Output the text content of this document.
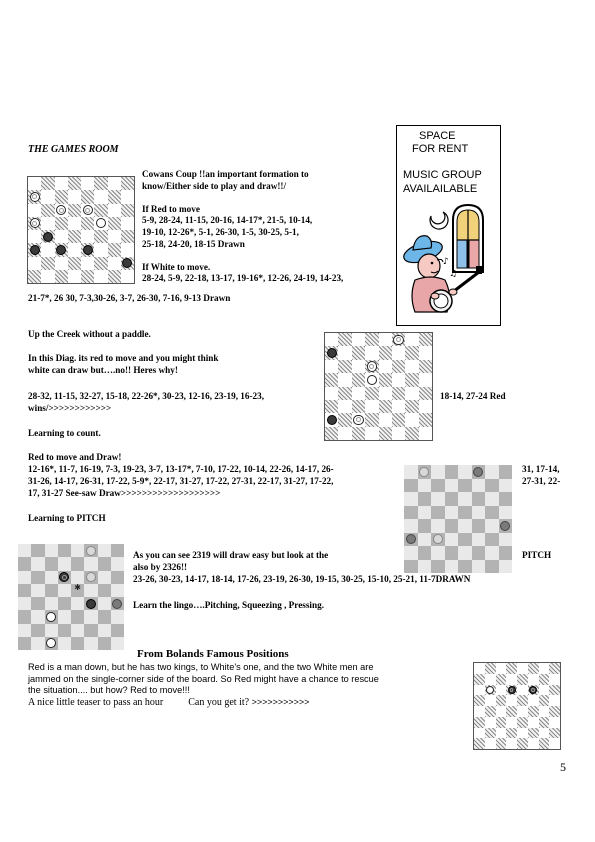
THE GAMES ROOM
Cowans Coup !!an important formation to
know/Either side to play and draw!!/

If Red to move
5-9, 28-24, 11-15, 20-16, 14-17*, 21-5, 10-14,
19-10, 12-26*, 5-1, 26-30, 1-5, 30-25, 5-1,
25-18, 24-20, 18-15 Drawn

If White to move.
28-24, 5-9, 22-18, 13-17, 19-16*, 12-26, 24-19, 14-23,
21-7*, 26 30, 7-3,30-26, 3-7, 26-30, 7-16, 9-13 Drawn
SPACE
FOR RENT
MUSIC GROUP
AVAILAILABLE
♪
♫
Up the Creek without a paddle.
In this Diag. its red to move and you might think
white can draw but….no!! Heres why!
28-32, 11-15, 32-27, 15-18, 22-26*, 30-23, 12-16, 23-19, 16-23,	18-14, 27-24 Red
wins/>>>>>>>>>>>>
Learning to count.
Red to move and Draw!
12-16*, 11-7, 16-19, 7-3, 19-23, 3-7, 13-17*, 7-10, 17-22, 10-14, 22-26, 14-17, 26-	31, 17-14,
31-26, 14-17, 26-31, 17-22, 5-9*, 22-17, 31-27, 17-22, 27-31, 22-17, 31-27, 17-22,	27-31, 22-
17, 31-27 See-saw Draw>>>>>>>>>>>>>>>>>>>
Learning to PITCH
✱
As you can see 2319 will draw easy but look at the	PITCH
also by 2326!!
23-26, 30-23, 14-17, 18-14, 17-26, 23-19, 26-30, 19-15, 30-25, 15-10, 25-21, 11-7DRAWN
Learn the lingo….Pitching, Squeezing , Pressing.
From Bolands Famous Positions
Red is a man down, but he has two kings, to White's one, and the two White men are
jammed on the single-corner side of the board. So Red might have a chance to rescue
the situation.... but how? Red to move!!!
A nice little teaser to pass an hour	Can you get it? >>>>>>>>>>>
5
